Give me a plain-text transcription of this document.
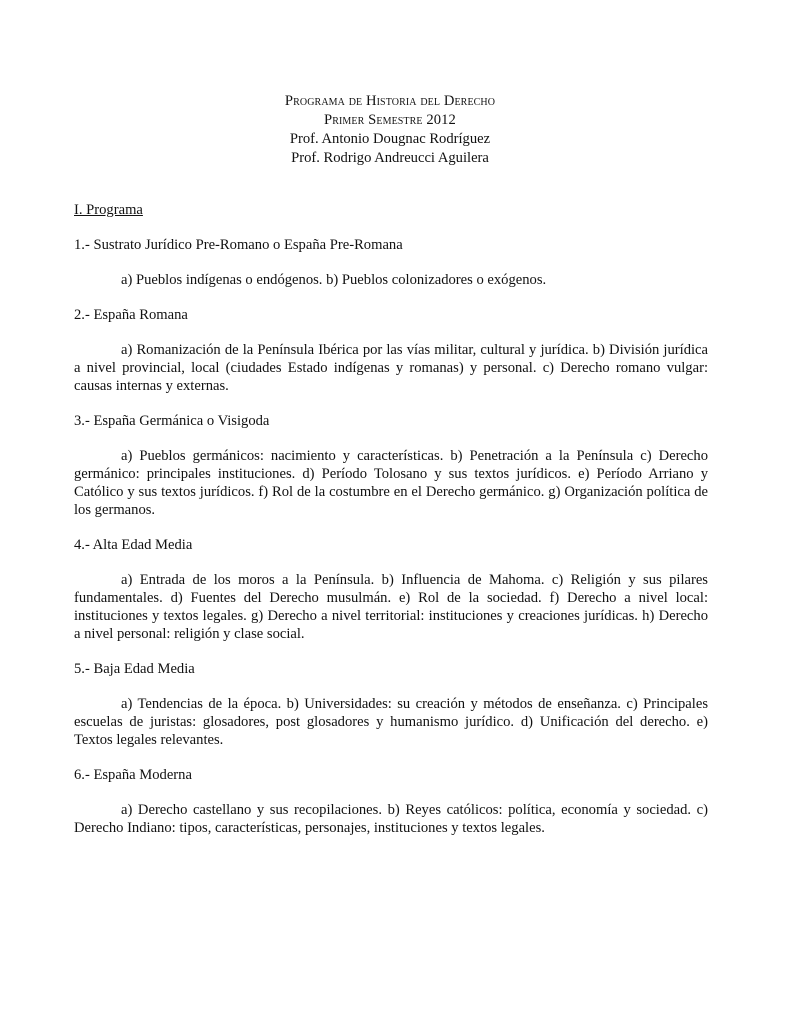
Programa de Historia del Derecho
Primer Semestre 2012
Prof. Antonio Dougnac Rodríguez
Prof. Rodrigo Andreucci Aguilera
I. Programa
1.- Sustrato Jurídico Pre-Romano o España Pre-Romana
a) Pueblos indígenas o endógenos. b) Pueblos colonizadores o exógenos.
2.- España Romana
a) Romanización de la Península Ibérica por las vías militar, cultural y jurídica. b) División jurídica a nivel provincial, local (ciudades Estado indígenas y romanas) y personal. c) Derecho romano vulgar: causas internas y externas.
3.- España Germánica o Visigoda
a) Pueblos germánicos: nacimiento y características. b) Penetración a la Península c) Derecho germánico: principales instituciones. d) Período Tolosano y sus textos jurídicos. e) Período Arriano y Católico y sus textos jurídicos. f) Rol de la costumbre en el Derecho germánico. g) Organización política de los germanos.
4.- Alta Edad Media
a) Entrada de los moros a la Península. b) Influencia de Mahoma. c) Religión y sus pilares fundamentales. d) Fuentes del Derecho musulmán. e) Rol de la sociedad. f) Derecho a nivel local: instituciones y textos legales. g) Derecho a nivel territorial: instituciones y creaciones jurídicas. h) Derecho a nivel personal: religión y clase social.
5.- Baja Edad Media
a) Tendencias de la época. b) Universidades: su creación y métodos de enseñanza. c) Principales escuelas de juristas: glosadores, post glosadores y humanismo jurídico. d) Unificación del derecho. e) Textos legales relevantes.
6.- España Moderna
a) Derecho castellano y sus recopilaciones. b) Reyes católicos: política, economía y sociedad. c) Derecho Indiano: tipos, características, personajes, instituciones y textos legales.
